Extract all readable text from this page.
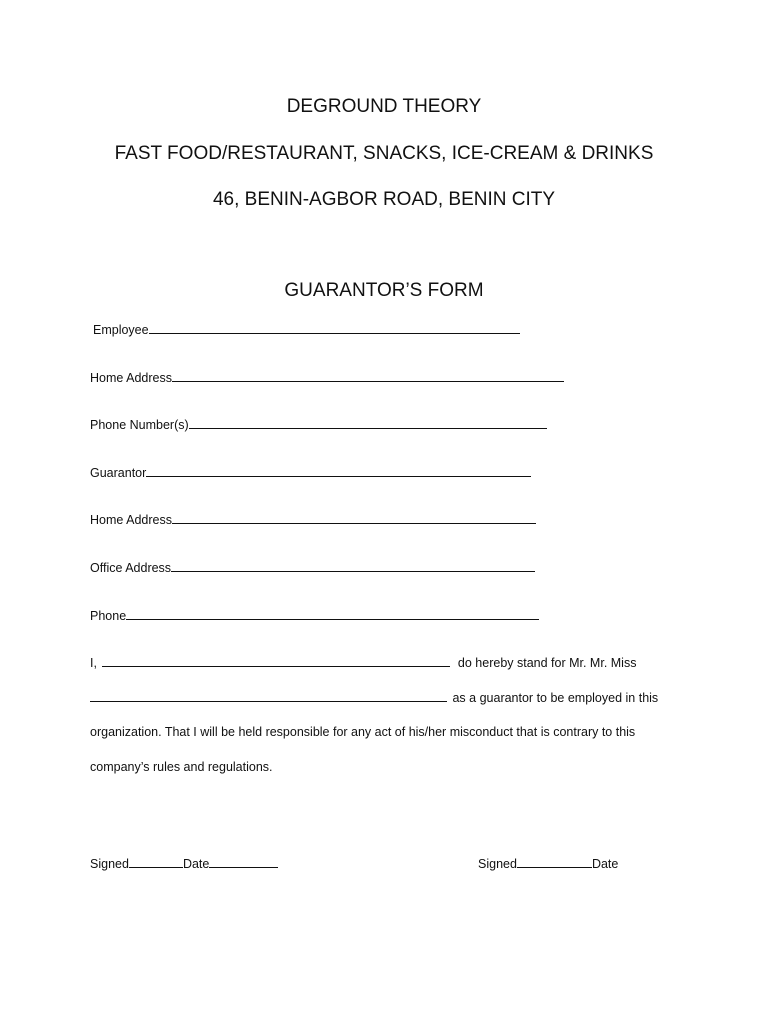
DEGROUND THEORY
FAST FOOD/RESTAURANT, SNACKS, ICE-CREAM & DRINKS
46, BENIN-AGBOR ROAD, BENIN CITY
GUARANTOR’S FORM
Employee
Home Address
Phone Number(s)
Guarantor
Home Address
Office Address
Phone
I,	do hereby stand for Mr. Mr. Miss
as a guarantor to be employed in this
organization. That I will be held responsible for any act of his/her misconduct that is contrary to this
company’s rules and regulations.
Signed	Date	Signed	Date
